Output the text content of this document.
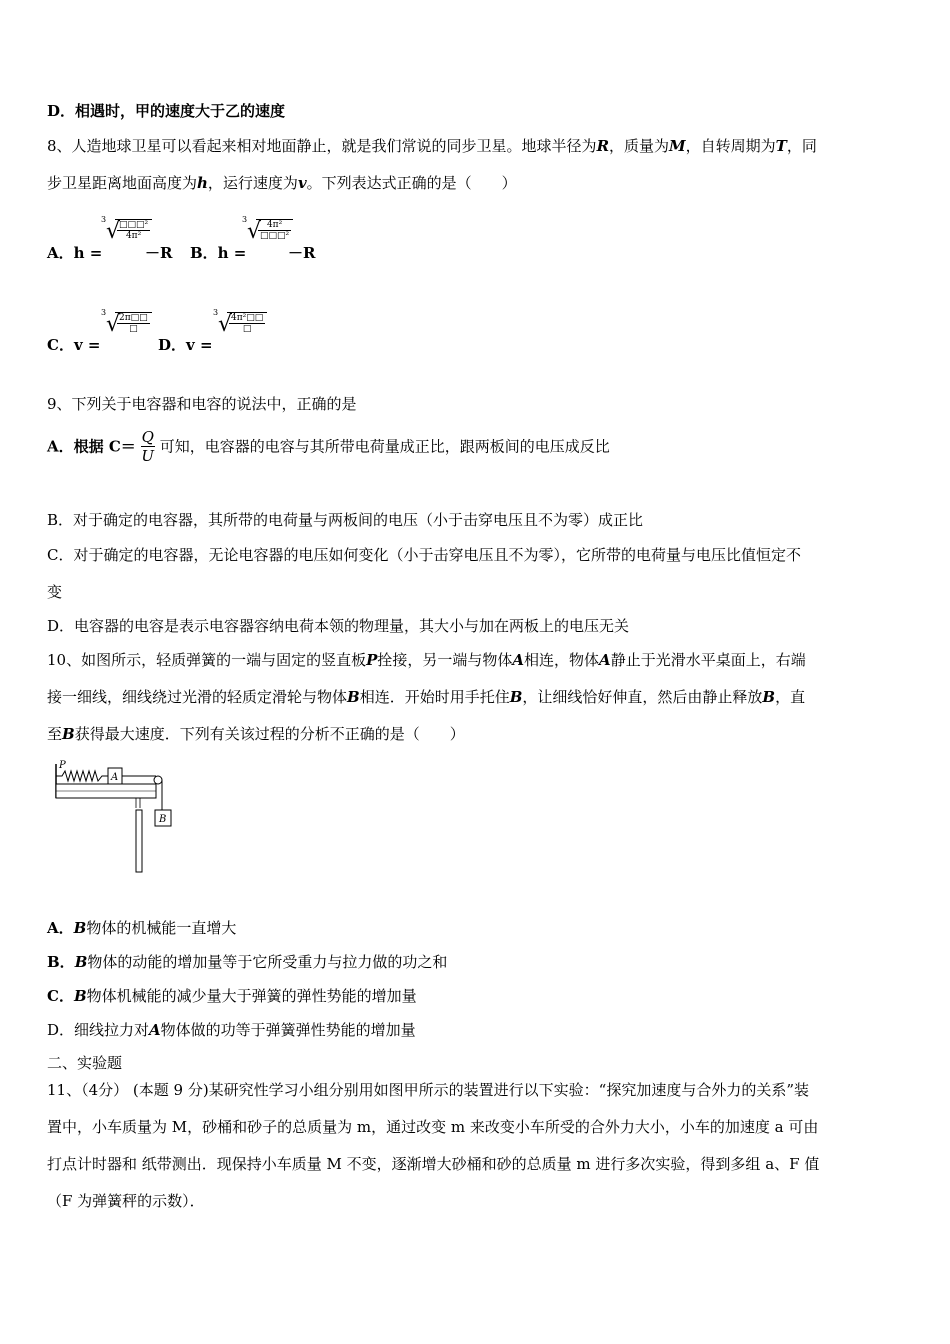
D．相遇时，甲的速度大于乙的速度
8、人造地球卫星可以看起来相对地面静止，就是我们常说的同步卫星。地球半径为R，质量为M，自转周期为T，同
步卫星距离地面高度为h，运行速度为v。下列表达式正确的是（　　）
A．h =
3
√ $\frac{\text{□□□²}}{\text{4π²}}$
－R B．h =
3
√ $\frac{\text{4π²}}{\text{□□□²}}$
－R
C．v =
3
√ $\frac{2\pi□□}{□}$
D．v =
3
√ $\frac{\text{4π²□□}}{□}$
9、下列关于电容器和电容的说法中，正确的是
A．根据 $C= \frac{Q}{U}$ 可知，电容器的电容与其所带电荷量成正比，跟两板间的电压成反比
B．对于确定的电容器，其所带的电荷量与两板间的电压（小于击穿电压且不为零）成正比
C．对于确定的电容器，无论电容器的电压如何变化（小于击穿电压且不为零），它所带的电荷量与电压比值恒定不
变
D．电容器的电容是表示电容器容纳电荷本领的物理量，其大小与加在两板上的电压无关
10、如图所示，轻质弹簧的一端与固定的竖直板P拴接，另一端与物体A相连，物体A静止于光滑水平桌面上，右端
接一细线，细线绕过光滑的轻质定滑轮与物体B相连．开始时用手托住B，让细线恰好伸直，然后由静止释放B，直
至B获得最大速度．下列有关该过程的分析不正确的是（　　）
P
A
B
A．B物体的机械能一直增大
B．B物体的动能的增加量等于它所受重力与拉力做的功之和
C．B物体机械能的减少量大于弹簧的弹性势能的增加量
D．细线拉力对A物体做的功等于弹簧弹性势能的增加量
二、实验题
11、（4分） (本题 9 分)某研究性学习小组分别用如图甲所示的装置进行以下实验：“探究加速度与合外力的关系”装
置中，小车质量为 M，砂桶和砂子的总质量为 m，通过改变 m 来改变小车所受的合外力大小，小车的加速度 a 可由
打点计时器和 纸带测出．现保持小车质量 M 不变，逐渐增大砂桶和砂的总质量 m 进行多次实验，得到多组 a、F 值
（F 为弹簧秤的示数）．
